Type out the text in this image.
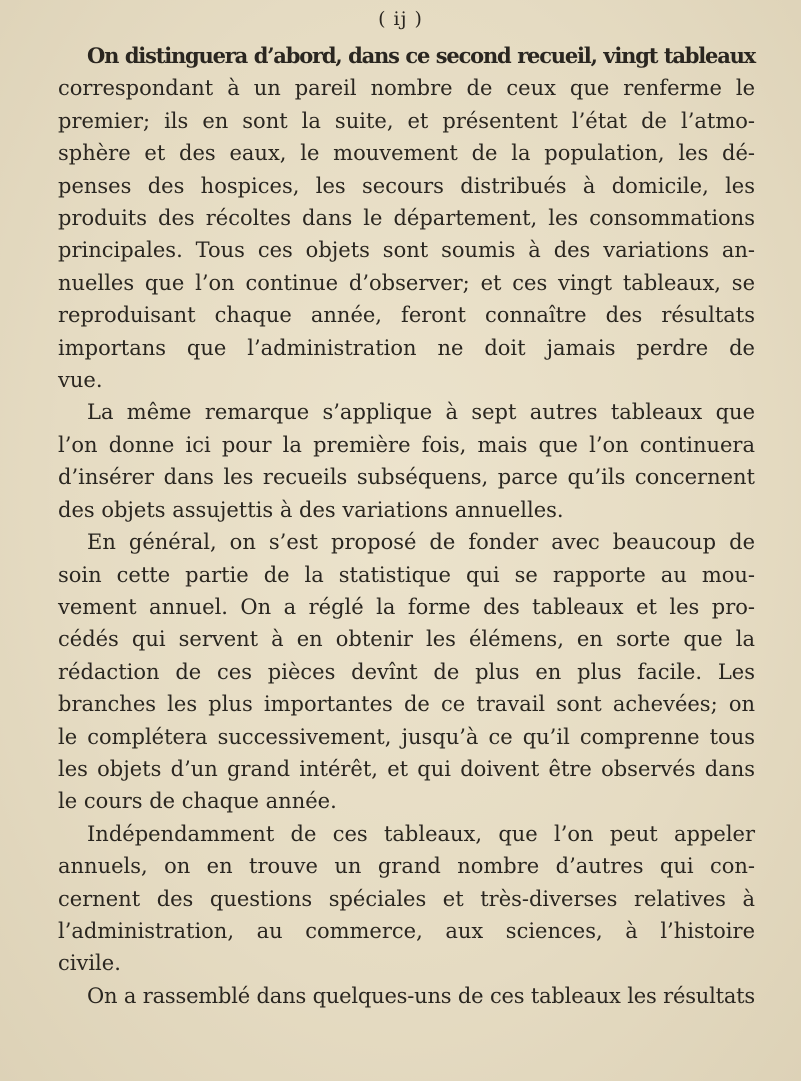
( ij )
On distinguera d’abord, dans ce second recueil, vingt tableaux
correspondant à un pareil nombre de ceux que renferme le
premier; ils en sont la suite, et présentent l’état de l’atmo-
sphère et des eaux, le mouvement de la population, les dé-
penses des hospices, les secours distribués à domicile, les
produits des récoltes dans le département, les consommations
principales. Tous ces objets sont soumis à des variations an-
nuelles que l’on continue d’observer; et ces vingt tableaux, se
reproduisant chaque année, feront connaître des résultats
importans que l’administration ne doit jamais perdre de
vue.
La même remarque s’applique à sept autres tableaux que
l’on donne ici pour la première fois, mais que l’on continuera
d’insérer dans les recueils subséquens, parce qu’ils concernent
des objets assujettis à des variations annuelles.
En général, on s’est proposé de fonder avec beaucoup de
soin cette partie de la statistique qui se rapporte au mou-
vement annuel. On a réglé la forme des tableaux et les pro-
cédés qui servent à en obtenir les élémens, en sorte que la
rédaction de ces pièces devînt de plus en plus facile. Les
branches les plus importantes de ce travail sont achevées; on
le complétera successivement, jusqu’à ce qu’il comprenne tous
les objets d’un grand intérêt, et qui doivent être observés dans
le cours de chaque année.
Indépendamment de ces tableaux, que l’on peut appeler
annuels, on en trouve un grand nombre d’autres qui con-
cernent des questions spéciales et très-diverses relatives à
l’administration, au commerce, aux sciences, à l’histoire
civile.
On a rassemblé dans quelques-uns de ces tableaux les résultats
